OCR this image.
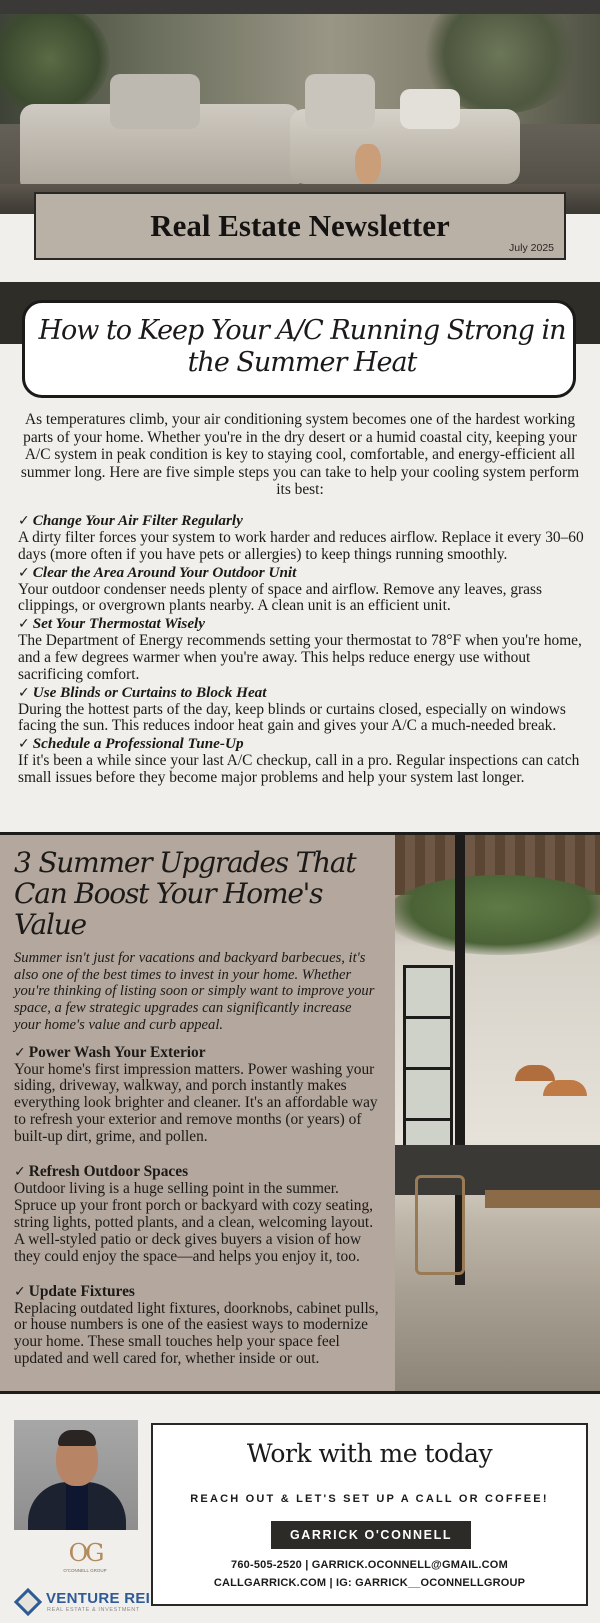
Real Estate Newsletter
July 2025
How to Keep Your A/C Running Strong in the Summer Heat

As temperatures climb, your air conditioning system becomes one of the hardest working parts of your home. Whether you're in the dry desert or a humid coastal city, keeping your A/C system in peak condition is key to staying cool, comfortable, and energy-efficient all summer long. Here are five simple steps you can take to help your cooling system perform its best:

✓ Change Your Air Filter Regularly
A dirty filter forces your system to work harder and reduces airflow. Replace it every 30–60 days (more often if you have pets or allergies) to keep things running smoothly.
✓ Clear the Area Around Your Outdoor Unit
Your outdoor condenser needs plenty of space and airflow. Remove any leaves, grass clippings, or overgrown plants nearby. A clean unit is an efficient unit.
✓ Set Your Thermostat Wisely
The Department of Energy recommends setting your thermostat to 78°F when you're home, and a few degrees warmer when you're away. This helps reduce energy use without sacrificing comfort.
✓ Use Blinds or Curtains to Block Heat
During the hottest parts of the day, keep blinds or curtains closed, especially on windows facing the sun. This reduces indoor heat gain and gives your A/C a much-needed break.
✓ Schedule a Professional Tune-Up
If it's been a while since your last A/C checkup, call in a pro. Regular inspections can catch small issues before they become major problems and help your system last longer.
3 Summer Upgrades That Can Boost Your Home's Value

Summer isn't just for vacations and backyard barbecues, it's also one of the best times to invest in your home. Whether you're thinking of listing soon or simply want to improve your space, a few strategic upgrades can significantly increase your home's value and curb appeal.

✓ Power Wash Your Exterior

Your home's first impression matters. Power washing your siding, driveway, walkway, and porch instantly makes everything look brighter and cleaner. It's an affordable way to refresh your exterior and remove months (or years) of built-up dirt, grime, and pollen.

✓ Refresh Outdoor Spaces

Outdoor living is a huge selling point in the summer. Spruce up your front porch or backyard with cozy seating, string lights, potted plants, and a clean, welcoming layout. A well-styled patio or deck gives buyers a vision of how they could enjoy the space—and helps you enjoy it, too.

✓ Update Fixtures

Replacing outdated light fixtures, doorknobs, cabinet pulls, or house numbers is one of the easiest ways to modernize your home. These small touches help your space feel updated and well cared for, whether inside or out.

OG
O'CONNELL GROUP
VENTURE REI
REAL ESTATE & INVESTMENT
Work with me today
REACH OUT & LET'S SET UP A CALL OR COFFEE!
GARRICK O'CONNELL
760-505-2520 | GARRICK.OCONNELL@GMAIL.COM
CALLGARRICK.COM | IG: GARRICK__OCONNELLGROUP
